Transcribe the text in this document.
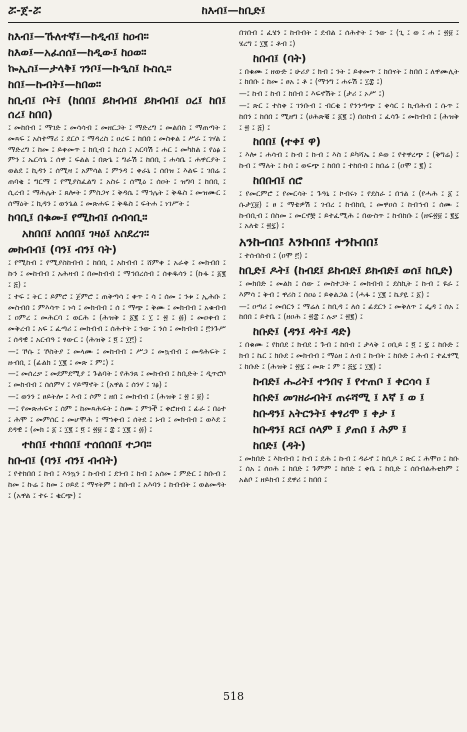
ሯ-ጀ-ሯ	ከእብ፤—ከቢድ፤
ከእብ፤—ኹለተኛ፤—ከዲብ፤ ከዐብ።
ከእወ፤—አፈሰሰ፤—ከዲው፤ ከዐወ።
ኰኢስ፤—ታላቅ፤ ገንቦ፤—ኩዒስ፤ ኩስሲ።
ከበ፤—ኩብት፤—ከበወ።
ከቢብ፤ ቦት፤ (ከበበ፤ ይከብብ፤ ይክብብ፤ ዐረ፤ ከበ፤ ሰረ፤ ከበበ)
፤ መከበብ ፤ ማገድ ፤ መሳሳብ ፤ መዘርጋት ፤ ማድረግ ፤ መልበስ ፤ ማጠጣት ፤ መጻፍ ፤ አስተማሪ ፤ ደርሶ ፤ ማዳረስ ፤ ዐረፍ ፤ ከበበ ፤ መስቀል ፤ ሥራ ፤ ገሃል ፤ ማድረግ ፤ ከመ ፤ ይቀመጥ ፤ ከቢብ ፤ ከረሰ ፤ አርባሽ ፤ ሐር ፤ መካከል ፤ የዕፅ ፤ ምን ፤ ኤርሳጌ ፤ ሰዋ ፤ ፍልል ፤ በጽጌ ፤ ግራሽ ፤ ከበቢ ፤ ሐሳቤ ፤ ሐዋርያት ፤ ወልደ ፤ ኪዳን ፤ ሰሚዛ ፤ አምሳል ፤ ምንዳ ፤ ቀራኒ ፤ ሰበዝ ፤ እልፍ ፤ ገበሬ ፤ ጠባቂ ፤ ግርማ ፤ የሚያስፈልግ ፤ አስሩ ፤ ሰሚዕ ፤ ሰዐት ፤ ዝግባ ፤ ከበቢ ፤ ሲረብ ፤ ማሕሌት ፤ ጸሎት ፤ ምስጋና ፤ ቅዳሴ ፤ ማኅሌት ፤ ቅዱስ ፤ መዝሙር ፤ ሰማዕት ፤ ኪዳን ፤ ወንጌል ፤ መጽሐፍ ፤ ቅዱስ ፤ ፍትሐ ፤ ነገሥት ፤
ከባቢ፤ በቁሙ፤ የሚከብ፤ ሰብሳቢ።
አክበበ፤ አሰበበ፤ ገዛዕ፤ አስደረገ።
መክብብ፤ (ባን፤ ብን፤ ባት)
፤ የሚከብ ፤ የሚያስከብብ ፤ ከበቢ ፤ አከብብ ፤ ሸምቀ ፤ አራቀ ፤ መክብበ ፤ ኩን ፤ መከብብ ፤ አሕዛብ ፤ በመከብብ ፤ ማኅበረሰብ ፤ ሰቀዱሳን ፤ (ኩፋ ፤ ፩፪ ፤ ፭) ፤
፤ ተፍ ፤ ትር ፤ ይምሮ ፤ ጀምሮ ፤ ጠቅጣሳ ፤ ቀጥ ፤ ሳ ፤ ሰመ ፤ ንቱ ፤ ኢሕቡ ፤ መስብበ ፤ ምእሳጥ ፤ ነሳ ፤ መክብብ ፤ ሰ ፤ ማጭ ፤ ቅሙ ፤ መክብብ ፤ አቁብብ ፤ ዐምረ ፤ መሕርባ ፤ ወርሕ ፤ (ሕዝቅ ፤ ፩፪ ፤ ፲ ፤ ፳ ፤ ፴) ፤ መዐቀብ ፤ መቅረብ ፤ አፍ ፤ ፈጣሪ ፤ መክብብ ፤ ሰሕተት ፤ ንው ፤ ንሰ ፤ መክብብ ፤ ፫ንጉሥ ፤ ሰዳዊ ፤ አርብዓ ፤ ፃውር ፤ (ሕዝቅ ፤ ፬ ፤ ፲፫) ፤
—፤ ኾሱ ፤ ኾስትያ ፤ መላሙ ፤ መከብብ ፤ ሥጋ ፤ መኳብብ ፤ መዳሕፍት ፤ ዙብቢ ፤ (ፊልክ ፤ ፲፪ ፤ መጽ ፤ ም፤) ፤
—፤ መሰረቃ ፤ መደምደሚያ ፤ ጉልባት ፤ የሕንጸ ፤ መክብብ ፤ ከቢድት ፤ ዲጥሮቦ ፤ መከብብ ፤ ሰሰምሃ ፤ ሃይማኖት ፤ (አዋል ፤ ሰንሃ ፤ ገፅ) ፤
—፤ ወንን ፤ ፀይትሎ ፤ እብ ፤ ሶም ፤ ዘበ ፤ መክብብ ፤ (ሕዝቅ ፤ ፳ ፤ ፱) ፤
—፤ የመጽሐፍና ፤ ሰም ፤ ከመጻሕፍት ፤ ስሙ ፤ ምንች ፤ ቀሮዘብ ፤ ፊራ ፤ በዕተ ፤ ሕሞ ፤ መምሰር ፤ መሆሞሕ ፤ ማኀቀብ ፤ ሰትደ ፤ ኑብ ፤ መክብብ ፤ ወእደ ፤ ደዳዊ ፤ (መክ ፤ ፩ ፤ ፲፪ ፤ ፬ ፤ ፳፱ ፤ ፰ ፤ ፲፪ ፤ ፴) ፤
ተከበ፤ ተከበበ፤ ተሰበሰበ፤ ተጋባ።
ከቡብ፤ (ባን፤ ብን፤ ብብት)
፤ የተከበበ ፤ ከብ ፤ እንኳን ፤ ኩብብ ፤ ደንብ ፤ ከብ ፤ አሰመ ፤ ምድር ፤ ከቡብ ፤ ከመ ፤ ኩሬ ፤ ከመ ፤ ዐይደ ፤ ማናትም ፤ ከቡብ ፤ አእባን ፤ ከብብት ፤ ወልመዳት ፤ (አዋል ፤ ተሩ ፤ ቂርጭ) ፤
በገበብ ፤ ፈሄን ፤ ከብብት ፤ ደብል ፤ ሰሕተት ፤ ንው ፤ (ጊ ፤ ወ ፤ ሐ ፤ ፳፱ ፤ ሄረግ ፤ ፲፪ ፤ ቶብ ፤)
ከበብ፤ (ባት)
፤ በቁሙ ፤ ዘውድ ፤ ሁሪያ ፤ ክብ ፤ ንት ፤ ይቀመጥ ፤ ከበናት ፤ ከበበ ፤ ለዋሙሊት ፤ ከበቡ ፤ ከመ ፤ ፀአ ፤ ቶ ፤ (ማንግ ፤ ሐሩሽ ፤ ፲፰ ፤)
—፤ ከብ ፤ ከብ ፤ ከበብ ፤ እፍኖሽት ፤ (ታሪ ፤ ኦሥ ፤)
—፤ ጽር ፤ ተስቀ ፤ ገንቡብ ፤ ብርቂ ፤ የንንጣጭ ፤ ቀሳር ፤ ኪብሕብ ፤ ሱጥ ፤ ከበን ፤ ከበበ ፤ ሚዘግ ፤ (ሀሕጽቒ ፤ ፩፪ ፤) በዐከብ ፤ ፈሳጉ ፤ መከብብ ፤ (ሕዝቅ ፤ ፳ ፤ ፭) ፤
ከበበ፤ (ተቀ፤ ዋ)
፤ እሎ ፤ ሐሳብ ፤ ኩብ ፤ ኩብ ፤ እስ ፤ ይካሻኤ ፤ ይወ ፤ የተዋረጭ ፤ (ቅግሬ) ፤ ኩብ ፤ ማለት ፤ ኩበ ፤ ወፍጭ ፤ ከበበ ፤ ተከበብ ፤ ከበሬ ፤ (ዐሞ ፤ ፪) ፤
ከበበብ፤ ሰሮ
፤ የመርምሮ ፤ የመርሳት ፤ ጉዓኒ ፤ ኮብሩነ ፤ የደስራ ፤ በኅል ፤ (የሓሕ ፤ ፩ ፤ ሱታ፲፱) ፤ ፀ ፤ ማቴዎሽ ፤ ገብረ ፤ ከብከቢ ፤ መዋዐሰ ፤ ከብኅብ ፤ ሰሙ ፤ ኩብቢብ ፤ በስመ ፤ መርኖቿ ፤ ይተፈሚሕ ፤ በውስጥ ፤ ከብከቡ ፤ (ዘፍ፳፱ ፤ ፪፯ ፤ አለቴ ፤ ፳፯) ፤
አንኩብበ፤ እንኩበበ፤ ተንኩበበ፤
፤ ተሰብስብ ፤ (ዐሞ ፫) ፤
ከቢድ፤ ዶት፤ (ከብደ፤ ይከብድ፤ ይክብድ፤ ወሰ፤ ከቢድ)
፤ መክበድ ፤ መልክ ፤ ሰው ፤ መስተጋት ፤ መክብብ ፤ ደስኪት ፤ ኩብ ፤ ዩራ ፤ እምሳ ፤ ቅብ ፤ ዋሪስ ፤ ሰዐዕ ፤ ይቀልጋል ፤ (ሓፋ ፤ ፲፪ ፤ ኬያዬ ፤ ፩) ፤
—፤ ዐጣሪ ፤ መበርን ፤ ማሬለ ፤ ከቢዳ ፤ ለሰ ፤ ፊደርን ፤ መቅለጥ ፤ ፌዳ ፤ ሰአ ፤ ከበበ ፤ ይተቤ ፤ (ዘዐሕ ፤ ፳፰ ፤ ሉቃ ፤ ፳፪) ፤
ከቡድ፤ (ዳን፤ ዳት፤ ዳድ)
፤ በቁሙ ፤ የከበደ ፤ ክብደ ፤ ጉብ ፤ ከበብ ፤ ታላቅ ፤ ዐቢይ ፤ ፬ ፤ ፯ ፤ ከቡድ ፤ ክብ ፤ ኬር ፤ ክቡደ ፤ መክብብ ፤ ማዕዘ ፤ ለብ ፤ ኩብት ፤ ከቡድ ፤ ሕብ ፤ ተፈፃሚ ፤ ከቡድ ፤ (ሕዝቅ ፤ ፳፯ ፤ መጽ ፤ ም ፤ ፭፯ ፤ ፲፪) ፤
ከብድ፤ ሑሪት፤ ተንበና ፤ የተጠቦ ፤ ቀርሳሳ ፤
ከቡድ፤ መገዘራብት፤ ጠሩሻሚ ፤ እኛ ፤ ወ ፤
ከቡዳን፤ አትርንት፤ ቀፃሪሞ ፤ ቀታ ፤
ከቡዳን፤ ጸር፤ ሰላም ፤ ያጠበ ፤ ሕም ፤
ከበድ፤ (ዳት)
፤ መክበድ ፤ እክብብ ፤ ከብ ፤ ደሕ ፤ ኩብ ፤ ዳራኖ ፤ ከቢዶ ፤ ጽር ፤ ሕሞዐ ፤ ከቡ ፤ ሰአ ፤ ሰዐሕ ፤ ከበድ ፤ ጉምም ፤ ከበድ ፤ ቀቤ ፤ ከቢድ ፤ ሰበብልሕቲክም ፤ አልቦ ፤ ዘይከብ ፤ ደዋሪ ፤ ከበበ ፤
518
